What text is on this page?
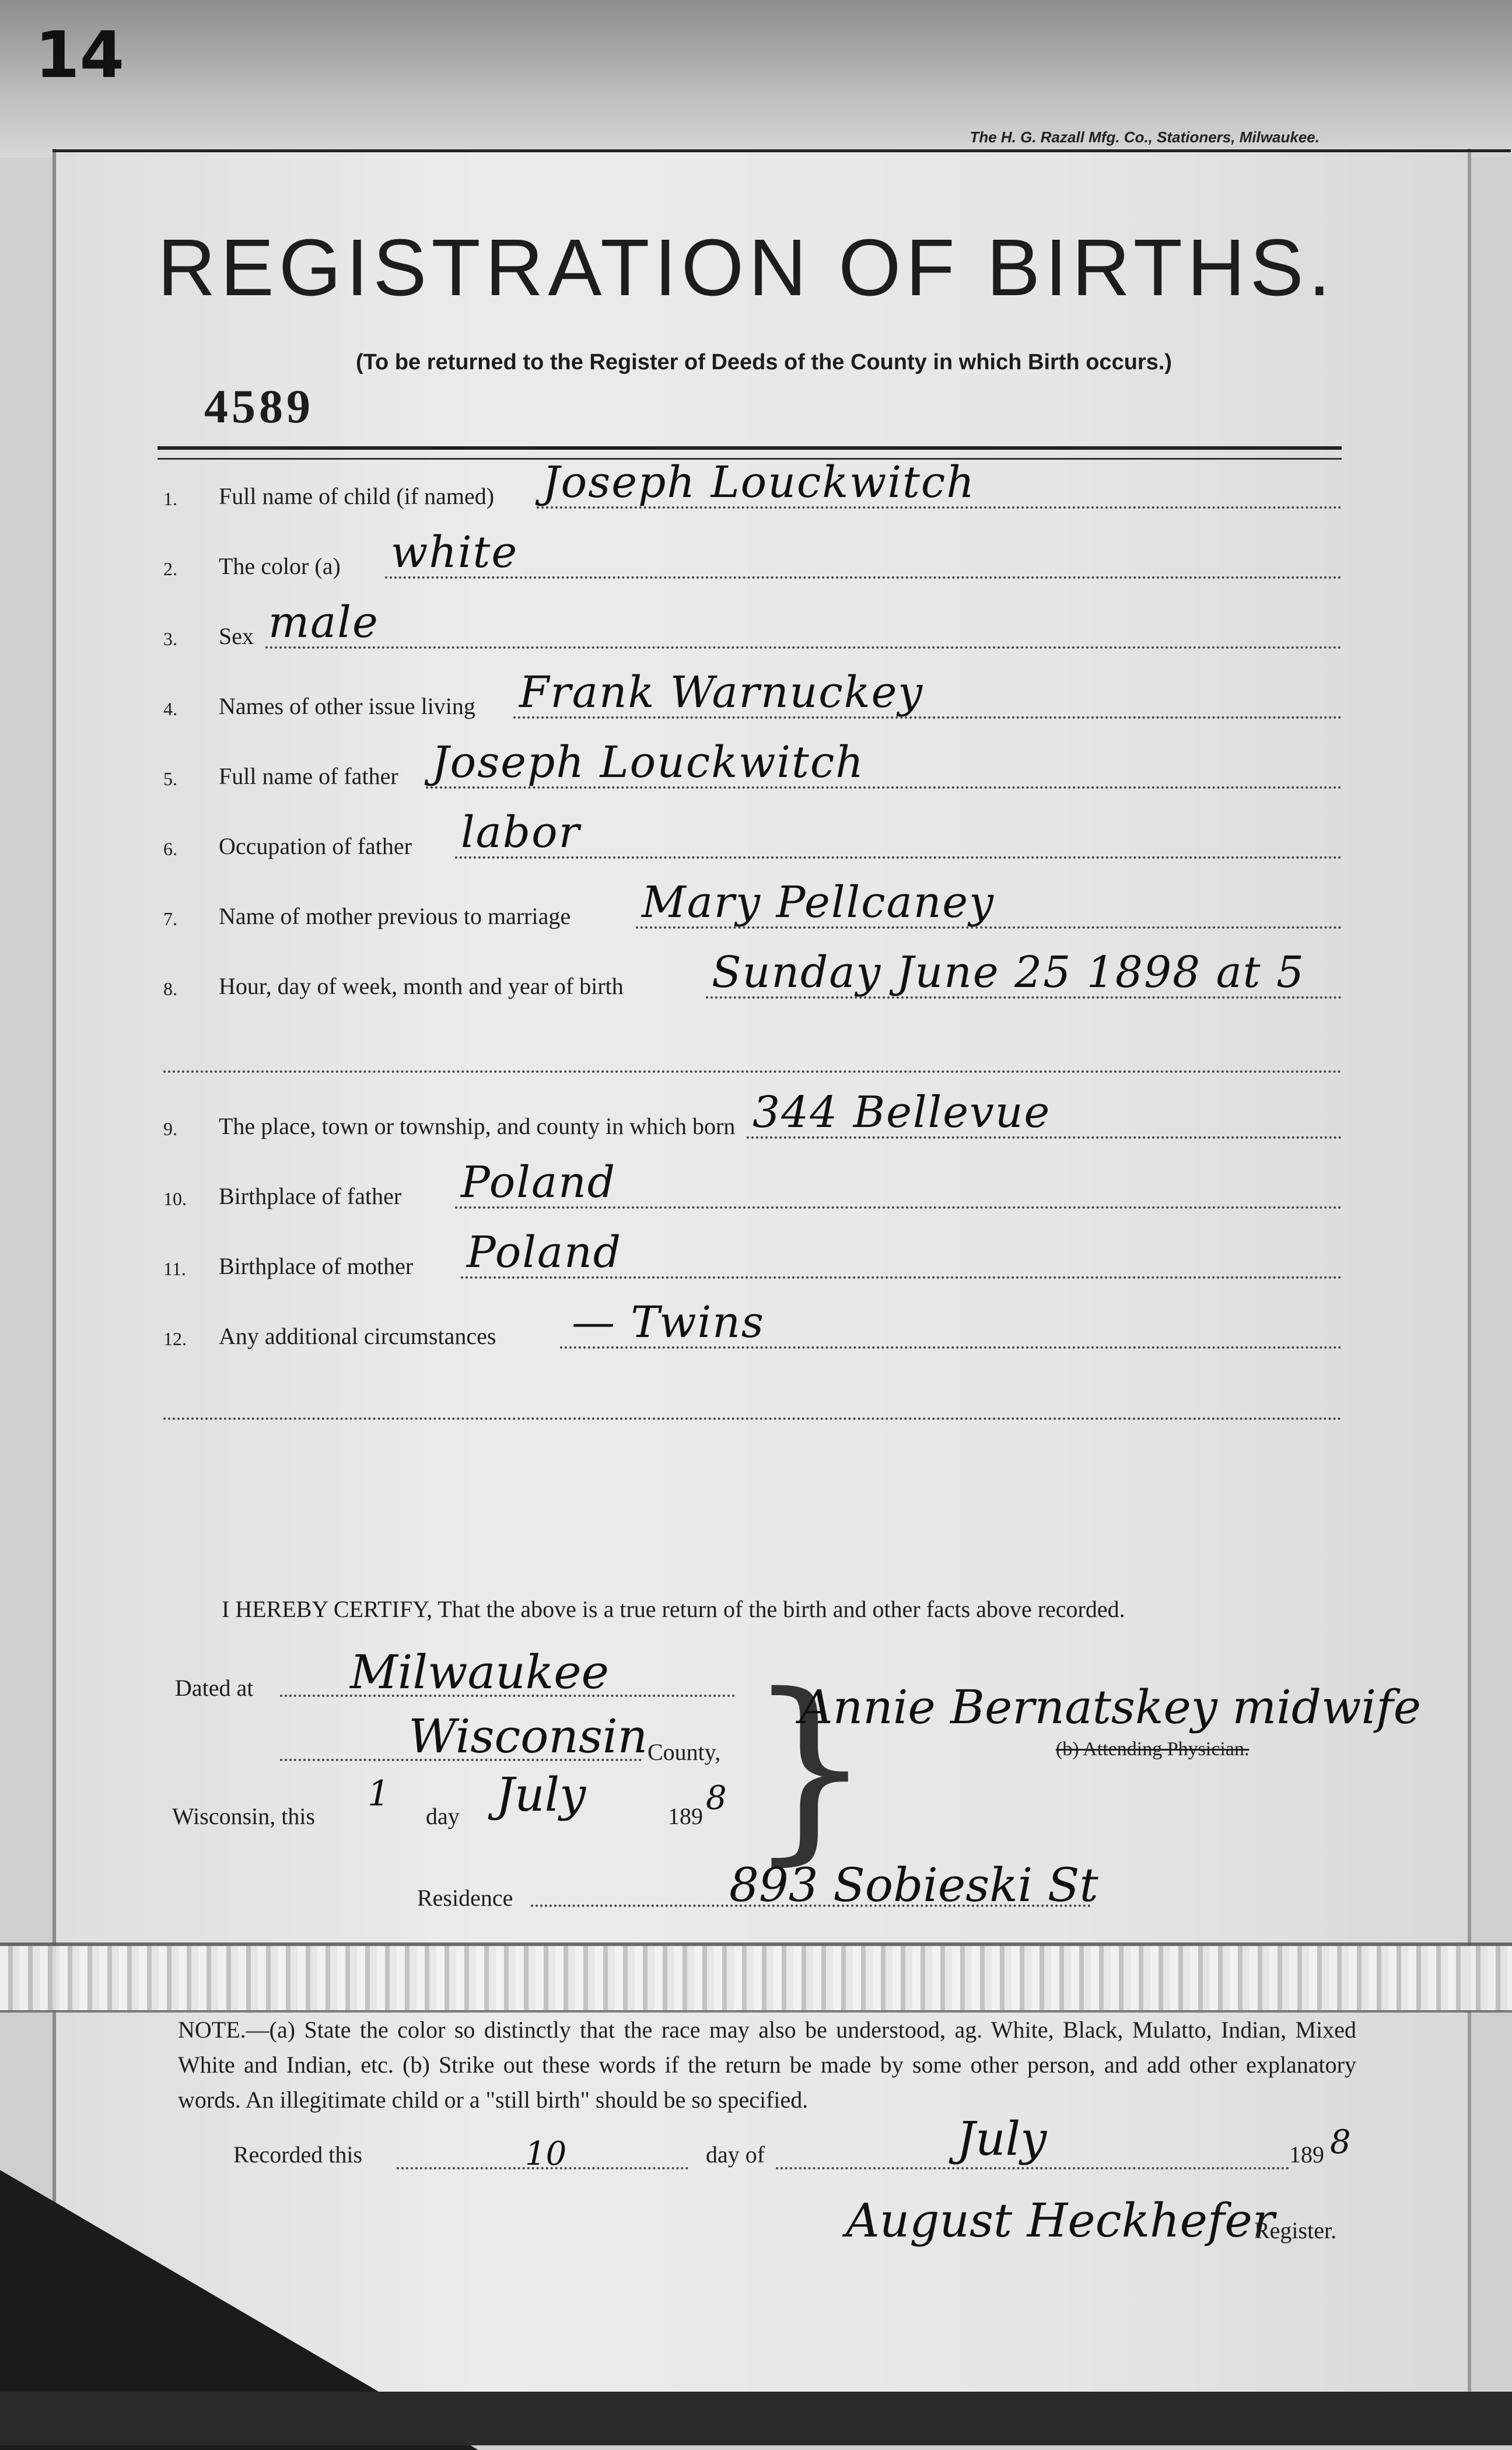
14
The H. G. Razall Mfg. Co., Stationers, Milwaukee.
REGISTRATION OF BIRTHS.
(To be returned to the Register of Deeds of the County in which Birth occurs.)
4589
1.	Full name of child (if named) Joseph Louckwitch
2.	The color (a) white
3.	Sex male
4.	Names of other issue living Frank Warnuckey
5.	Full name of father Joseph Louckwitch
6.	Occupation of father labor
7.	Name of mother previous to marriage Mary Pellcaney
8.	Hour, day of week, month and year of birth Sunday June 25 1898 at 5
9.	The place, town or township, and county in which born 344 Bellevue
10.	Birthplace of father Poland
11.	Birthplace of mother Poland
12.	Any additional circumstances — Twins
I HEREBY CERTIFY, That the above is a true return of the birth and other facts above recorded.
Dated at Milwaukee
Wisconsin County,
Wisconsin, this
1
day July	189 8 }
Annie Bernatskey midwife
(b) Attending Physician.
Residence	893 Sobieski St
NOTE.—(a) State the color so distinctly that the race may also be understood, ag. White, Black, Mulatto, Indian, Mixed White and Indian, etc. (b) Strike out these words if the return be made by some other person, and add other explanatory words. An illegitimate child or a "still birth" should be so specified.
Recorded this	10	day of	July	189 8
August Heckhefer
Register.
